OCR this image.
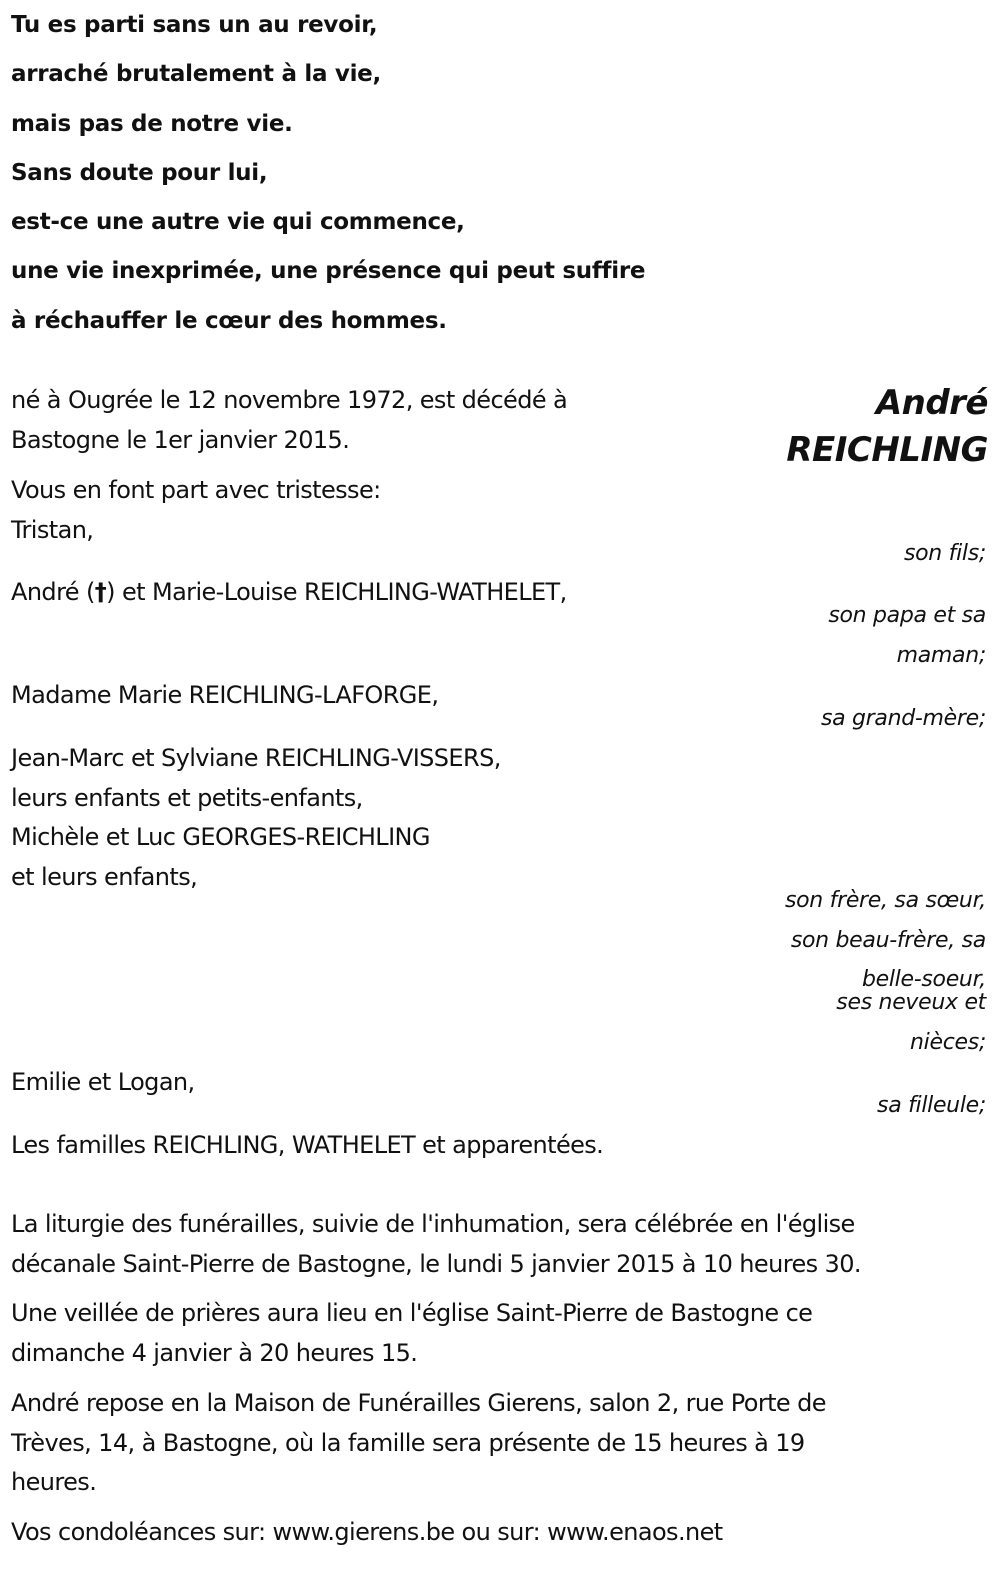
Tu es parti sans un au revoir,
arraché brutalement à la vie,
mais pas de notre vie.
Sans doute pour lui,
est-ce une autre vie qui commence,
une vie inexprimée, une présence qui peut suffire
à réchauffer le cœur des hommes.
André
REICHLING
né à Ougrée le 12 novembre 1972, est décédé à
Bastogne le 1er janvier 2015.
Vous en font part avec tristesse:
Tristan,
son fils;
André (†) et Marie-Louise REICHLING-WATHELET,
son papa et sa
maman;
Madame Marie REICHLING-LAFORGE,
sa grand-mère;
Jean-Marc et Sylviane REICHLING-VISSERS,
leurs enfants et petits-enfants,
Michèle et Luc GEORGES-REICHLING
et leurs enfants,
son frère, sa sœur,
son beau-frère, sa
belle-soeur,
ses neveux et
nièces;
Emilie et Logan,
sa filleule;
Les familles REICHLING, WATHELET et apparentées.
La liturgie des funérailles, suivie de l'inhumation, sera célébrée en l'église
décanale Saint-Pierre de Bastogne, le lundi 5 janvier 2015 à 10 heures 30.
Une veillée de prières aura lieu en l'église Saint-Pierre de Bastogne ce
dimanche 4 janvier à 20 heures 15.
André repose en la Maison de Funérailles Gierens, salon 2, rue Porte de
Trèves, 14, à Bastogne, où la famille sera présente de 15 heures à 19
heures.
Vos condoléances sur: www.gierens.be ou sur: www.enaos.net
